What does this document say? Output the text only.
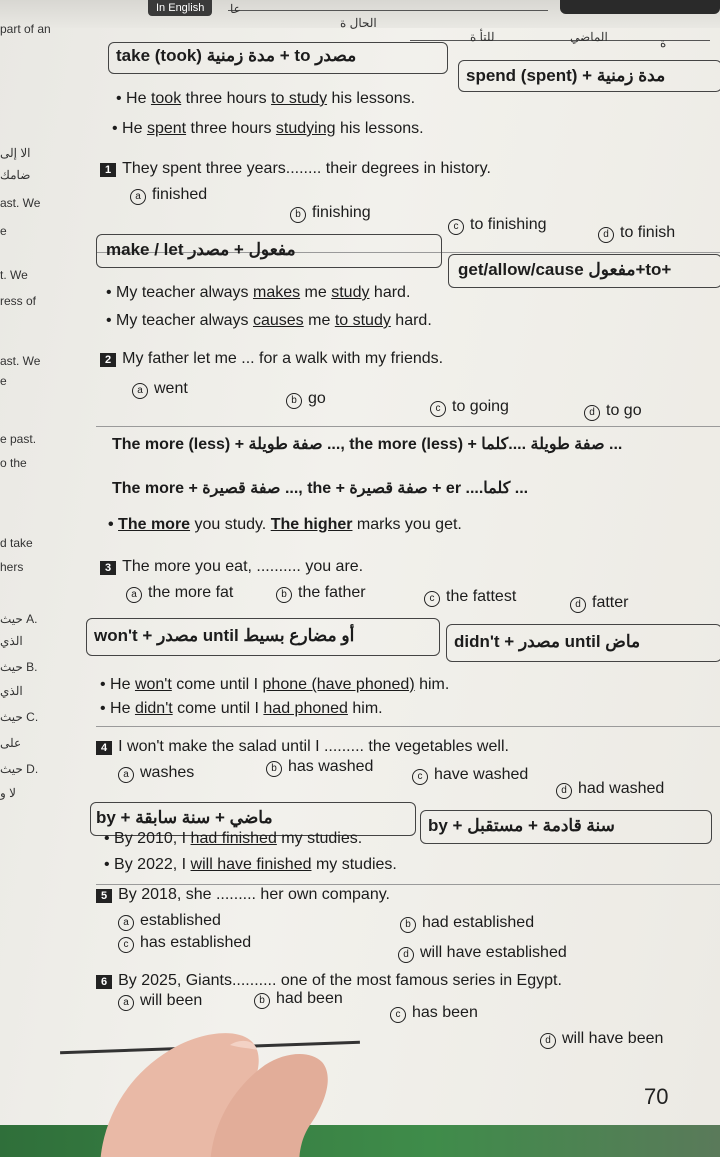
In English	عا
الحال ة
للتأ ة	الماضي	ة
part of an
الا إلى
ضامك
ast. We
e
t. We
ress of
ast. We
e
e past.
o the
d take
hers
حيث A.
الذي
حيث B.
الذي
حيث C.
على
حيث D.
لا و
take (took) مدة زمنية + to مصدر
spend (spent) + مدة زمنية
• He took three hours to study his lessons.
• He spent three hours studying his lessons.
1 They spent three years........ their degrees in history.
a finished
b finishing
c to finishing
d to finish
make / let مفعول + مصدر
get/allow/cause مفعول+to+
• My teacher always makes me study hard.
• My teacher always causes me to study hard.
2 My father let me ... for a walk with my friends.
a went
b go
c to going	d to go
The more (less) + صفة طويلة ..., the more (less) + صفة طويلة ....كلما ...
The more + صفة قصيرة ..., the + صفة قصيرة + er ....كلما ...
• The more you study. The higher marks you get.
3 The more you eat, .......... you are.
a the more fat	b the father	c the fattest	d fatter
won't + مصدر until أو مضارع بسيط	didn't + مصدر until ماض
• He won't come until I phone (have phoned) him.
• He didn't come until I had phoned him.
4 I won't make the salad until I ......... the vegetables well.
a washes	b has washed
c have washed
d had washed
by + ماضي + سنة سابقة	by + سنة قادمة + مستقبل
• By 2010, I had finished my studies.
• By 2022, I will have finished my studies.
5 By 2018, she ......... her own company.
a established	b had established
c has established
d will have established
6 By 2025, Giants.......... one of the most famous series in Egypt.
a will been	b had been
c has been
d will have been
70
